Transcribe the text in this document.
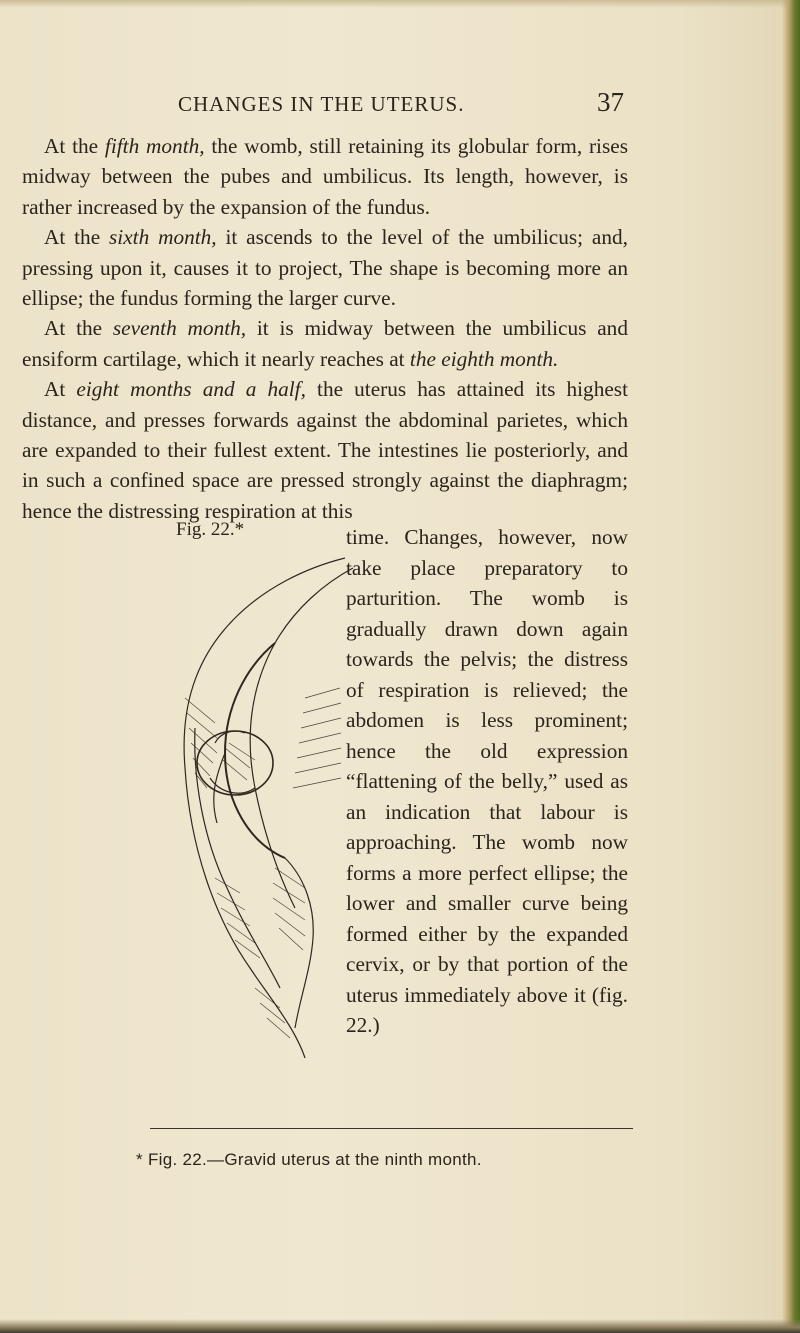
CHANGES IN THE UTERUS.	37

At the fifth month, the womb, still retaining its globular form, rises midway between the pubes and umbilicus. Its length, however, is rather increased by the expansion of the fundus.

At the sixth month, it ascends to the level of the umbilicus; and, pressing upon it, causes it to project, The shape is becoming more an ellipse; the fundus forming the larger curve.

At the seventh month, it is midway between the umbilicus and ensiform cartilage, which it nearly reaches at the eighth month.

At eight months and a half, the uterus has attained its highest distance, and presses forwards against the abdominal parietes, which are expanded to their fullest extent. The intestines lie posteriorly, and in such a confined space are pressed strongly against the diaphragm; hence the distressing respiration at this

Fig. 22.*	time. Changes, however, now take place preparatory to parturition. The womb is gradually drawn down again towards the pelvis; the distress of respiration is relieved; the abdomen is less prominent; hence the old expression “flattening of the belly,” used as an indication that labour is approaching. The womb now forms a more perfect ellipse; the lower and smaller curve being formed either by the expanded cervix, or by that portion of the uterus immediately above it (fig. 22.)

* Fig. 22.—Gravid uterus at the ninth month.
